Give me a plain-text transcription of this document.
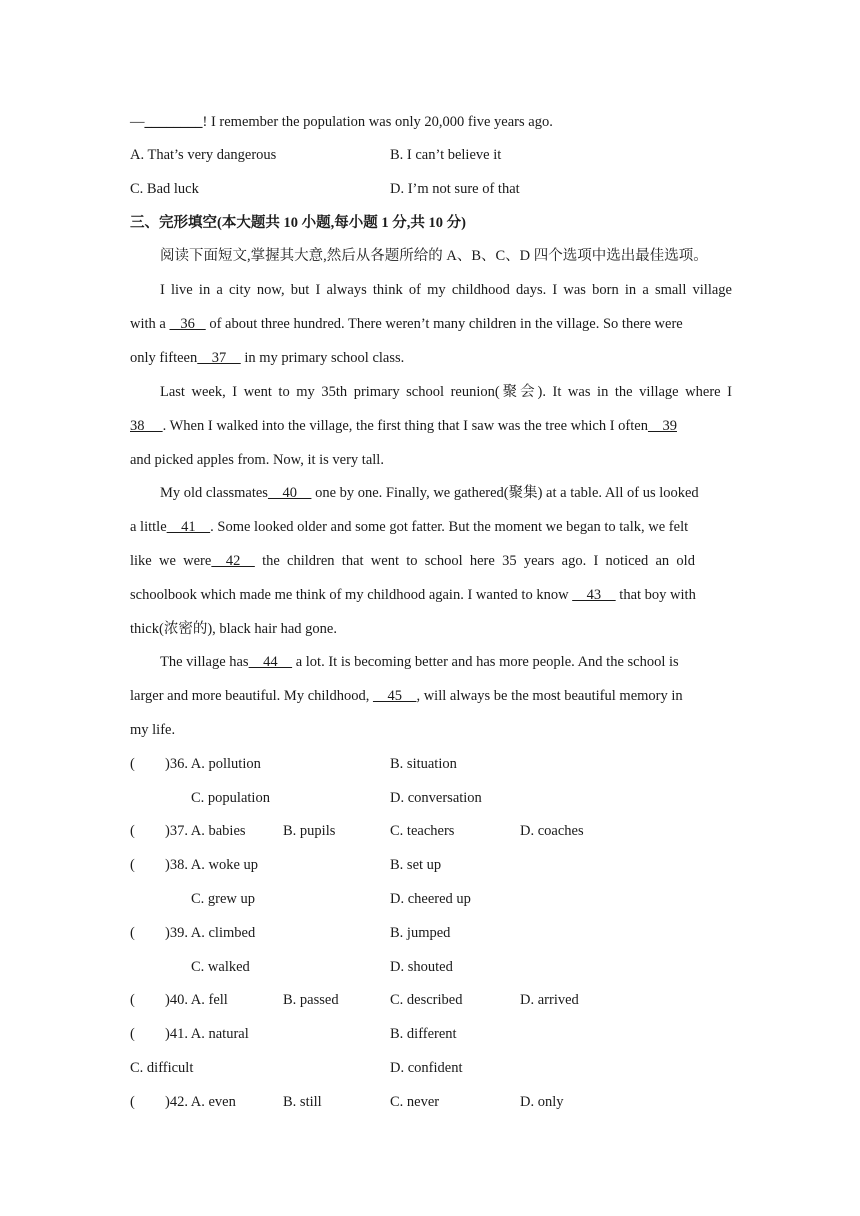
—________! I remember the population was only 20,000 five years ago.
A. That’s very dangerous	B. I can’t believe it
C. Bad luck	D. I’m not sure of that
三、完形填空(本大题共 10 小题,每小题 1 分,共 10 分)
阅读下面短文,掌握其大意,然后从各题所给的 A、B、C、D 四个选项中选出最佳选项。
I live in a city now, but I always think of my childhood days. I was born in a small village
with a    36    of about three hundred. There weren’t many children in the village. So there were
only fifteen    37     in my primary school class.
Last week, I went to my 35th primary school reunion(聚会). It was in the village where I
38     . When I walked into the village, the first thing that I saw was the tree which I often    39
and picked apples from. Now, it is very tall.
My old classmates    40     one by one. Finally, we gathered(聚集) at a table. All of us looked
a little    41    . Some looked older and some got fatter. But the moment we began to talk, we felt
like  we  were    42      the  children  that  went  to  school  here  35  years  ago.  I  noticed  an  old
schoolbook which made me think of my childhood again. I wanted to know     43     that boy with
thick(浓密的), black hair had gone.
The village has    44     a lot. It is becoming better and has more people. And the school is
larger and more beautiful. My childhood,     45    , will always be the most beautiful memory in
my life.
( )36. A. pollution	B. situation
C. population	D. conversation
( )37. A. babies	B. pupils	C. teachers	D. coaches
( )38. A. woke up	B. set up
C. grew up	D. cheered up
( )39. A. climbed	B. jumped
C. walked	D. shouted
( )40. A. fell	B. passed	C. described	D. arrived
( )41. A. natural	B. different
C. difficult	D. confident
( )42. A. even	B. still	C. never	D. only
